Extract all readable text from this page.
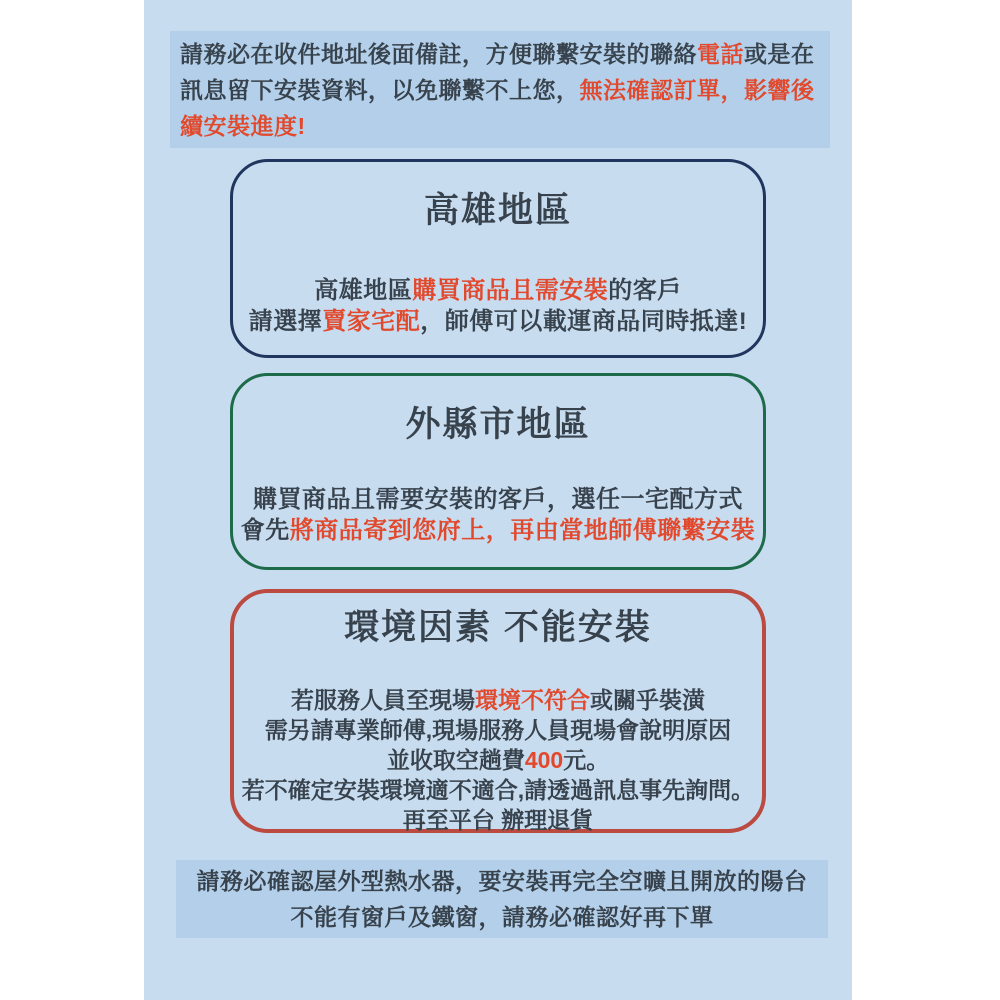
請務必在收件地址後面備註，方便聯繫安裝的聯絡電話或是在
訊息留下安裝資料，以免聯繫不上您，無法確認訂單，影響後
續安裝進度!
高雄地區
高雄地區購買商品且需安裝的客戶
請選擇賣家宅配，師傅可以載運商品同時抵達!
外縣市地區
購買商品且需要安裝的客戶，選任一宅配方式
會先將商品寄到您府上，再由當地師傅聯繫安裝
環境因素 不能安裝
若服務人員至現場環境不符合或關乎裝潢
需另請專業師傅,現場服務人員現場會說明原因
並收取空趟費400元。
若不確定安裝環境適不適合,請透過訊息事先詢問。
再至平台 辦理退貨
請務必確認屋外型熱水器，要安裝再完全空曠且開放的陽台
不能有窗戶及鐵窗，請務必確認好再下單
